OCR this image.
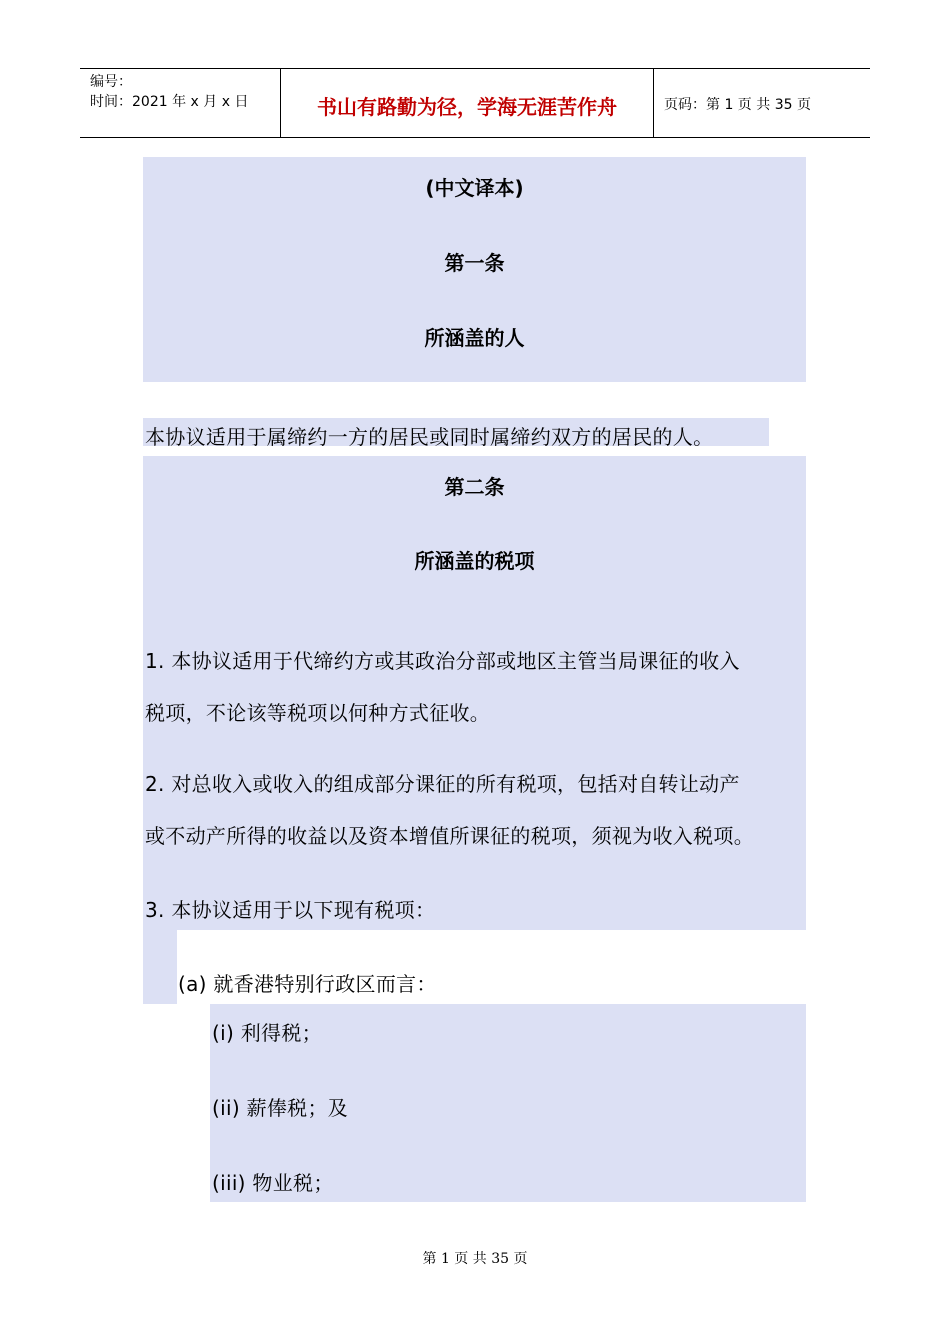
编号：
时间：2021 年 x 月 x 日	书山有路勤为径，学海无涯苦作舟	页码：第 1 页 共 35 页
(中文译本)
第一条
所涵盖的人
本协议适用于属缔约一方的居民或同时属缔约双方的居民的人。
第二条
所涵盖的税项
1. 本协议适用于代缔约方或其政治分部或地区主管当局课征的收入
税项，不论该等税项以何种方式征收。
2. 对总收入或收入的组成部分课征的所有税项，包括对自转让动产
或不动产所得的收益以及资本增值所课征的税项，须视为收入税项。
3. 本协议适用于以下现有税项：
(a) 就香港特别行政区而言：
(i) 利得税；
(ii) 薪俸税；及
(iii) 物业税；
第 1 页 共 35 页
